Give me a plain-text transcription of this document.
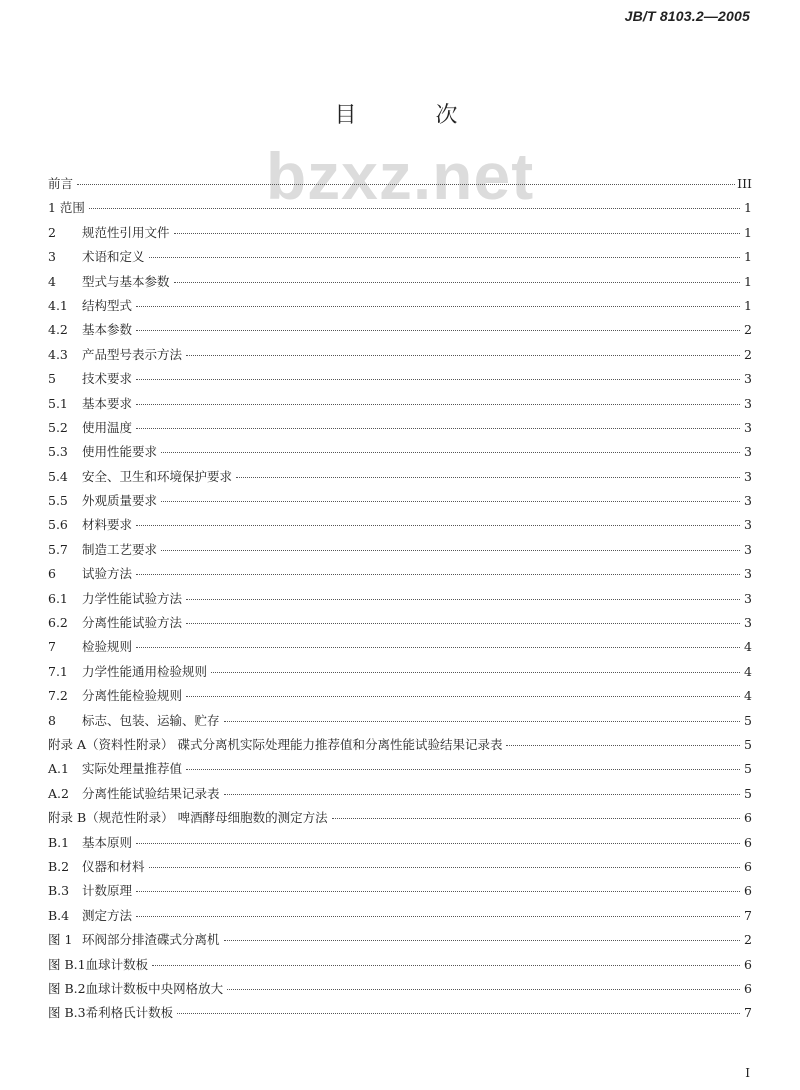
JB/T 8103.2—2005
目 次
bzxz.net
前言	III
1 范围	1
2 规范性引用文件	1
3 术语和定义	1
4 型式与基本参数	1
4.1 结构型式	1
4.2 基本参数	2
4.3 产品型号表示方法	2
5 技术要求	3
5.1 基本要求	3
5.2 使用温度	3
5.3 使用性能要求	3
5.4 安全、卫生和环境保护要求	3
5.5 外观质量要求	3
5.6 材料要求	3
5.7 制造工艺要求	3
6 试验方法	3
6.1 力学性能试验方法	3
6.2 分离性能试验方法	3
7 检验规则	4
7.1 力学性能通用检验规则	4
7.2 分离性能检验规则	4
8 标志、包装、运输、贮存	5
附录 A（资料性附录） 碟式分离机实际处理能力推荐值和分离性能试验结果记录表	5
A.1 实际处理量推荐值	5
A.2 分离性能试验结果记录表	5
附录 B（规范性附录） 啤酒酵母细胞数的测定方法	6
B.1 基本原则	6
B.2 仪器和材料	6
B.3 计数原理	6
B.4 测定方法	7
图 1 环阀部分排渣碟式分离机	2
图 B.1血球计数板	6
图 B.2血球计数板中央网格放大	6
图 B.3希利格氏计数板	7
I
